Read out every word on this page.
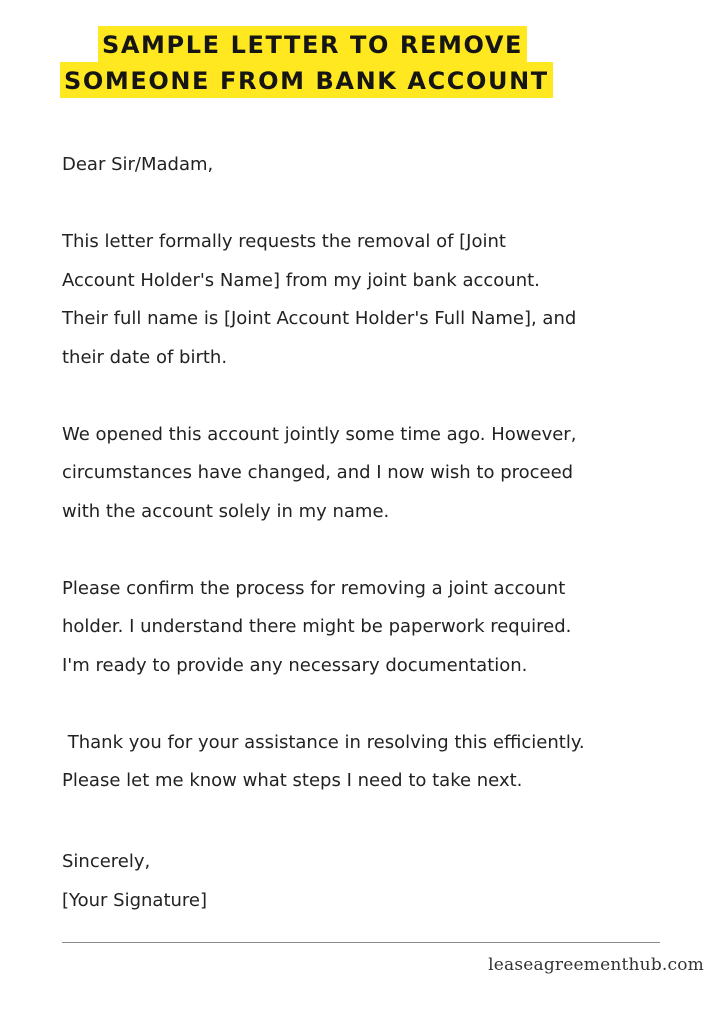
SAMPLE LETTER TO REMOVE
SOMEONE FROM BANK ACCOUNT

Dear Sir/Madam,

This letter formally requests the removal of [Joint
Account Holder's Name] from my joint bank account.
Their full name is [Joint Account Holder's Full Name], and
their date of birth.

We opened this account jointly some time ago. However,
circumstances have changed, and I now wish to proceed
with the account solely in my name.

Please confirm the process for removing a joint account
holder. I understand there might be paperwork required.
I'm ready to provide any necessary documentation.

Thank you for your assistance in resolving this efficiently.
Please let me know what steps I need to take next.

Sincerely,
[Your Signature]
leaseagreementhub.com
